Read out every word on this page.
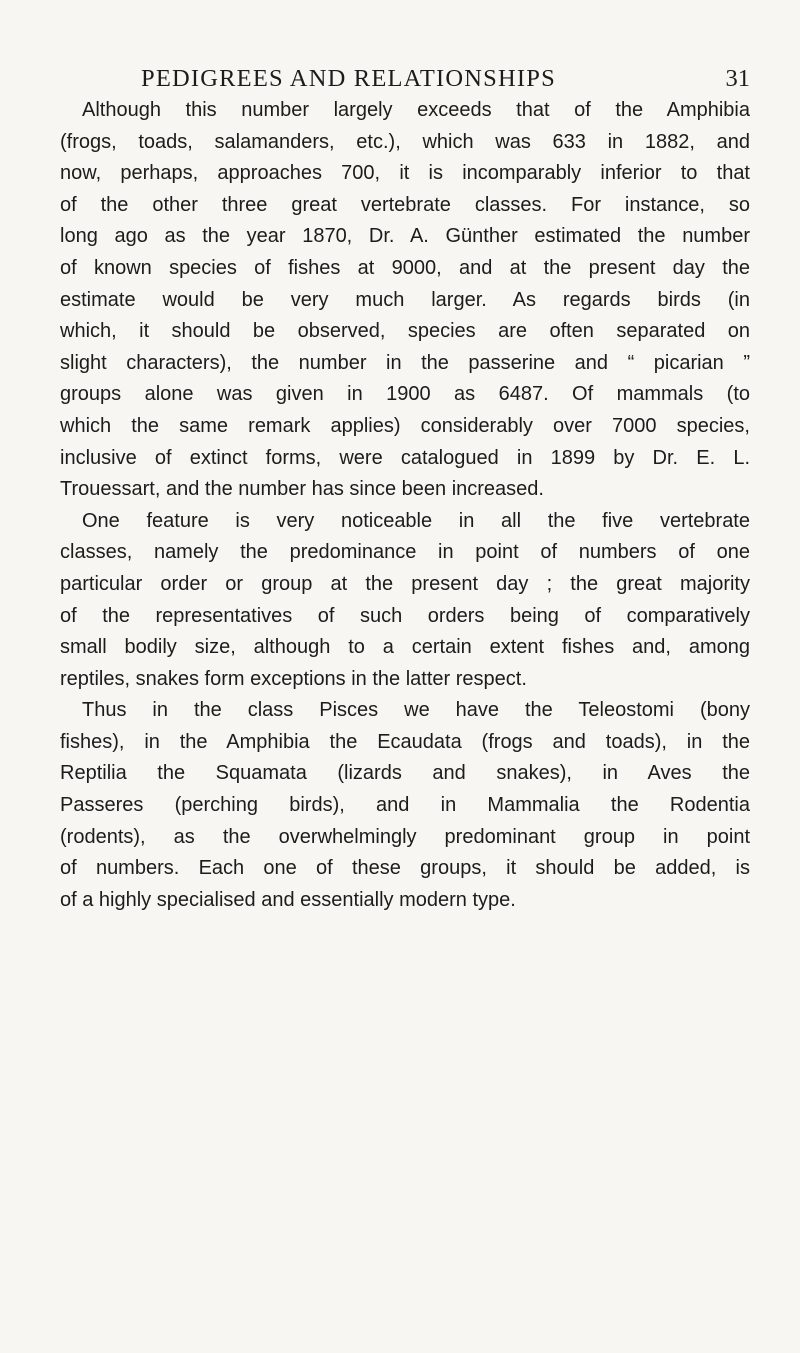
PEDIGREES AND RELATIONSHIPS	31

Although this number largely exceeds that of the Amphibia
(frogs, toads, salamanders, etc.), which was 633 in 1882, and
now, perhaps, approaches 700, it is incomparably inferior to that
of the other three great vertebrate classes. For instance, so
long ago as the year 1870, Dr. A. Günther estimated the number
of known species of fishes at 9000, and at the present day the
estimate would be very much larger. As regards birds (in
which, it should be observed, species are often separated on
slight characters), the number in the passerine and “ picarian ”
groups alone was given in 1900 as 6487. Of mammals (to
which the same remark applies) considerably over 7000 species,
inclusive of extinct forms, were catalogued in 1899 by Dr. E. L.
Trouessart, and the number has since been increased.

One feature is very noticeable in all the five vertebrate
classes, namely the predominance in point of numbers of one
particular order or group at the present day ; the great majority
of the representatives of such orders being of comparatively
small bodily size, although to a certain extent fishes and, among
reptiles, snakes form exceptions in the latter respect.
Thus in the class Pisces we have the Teleostomi (bony
fishes), in the Amphibia the Ecaudata (frogs and toads), in the
Reptilia the Squamata (lizards and snakes), in Aves the
Passeres (perching birds), and in Mammalia the Rodentia
(rodents), as the overwhelmingly predominant group in point
of numbers. Each one of these groups, it should be added, is
of a highly specialised and essentially modern type.
